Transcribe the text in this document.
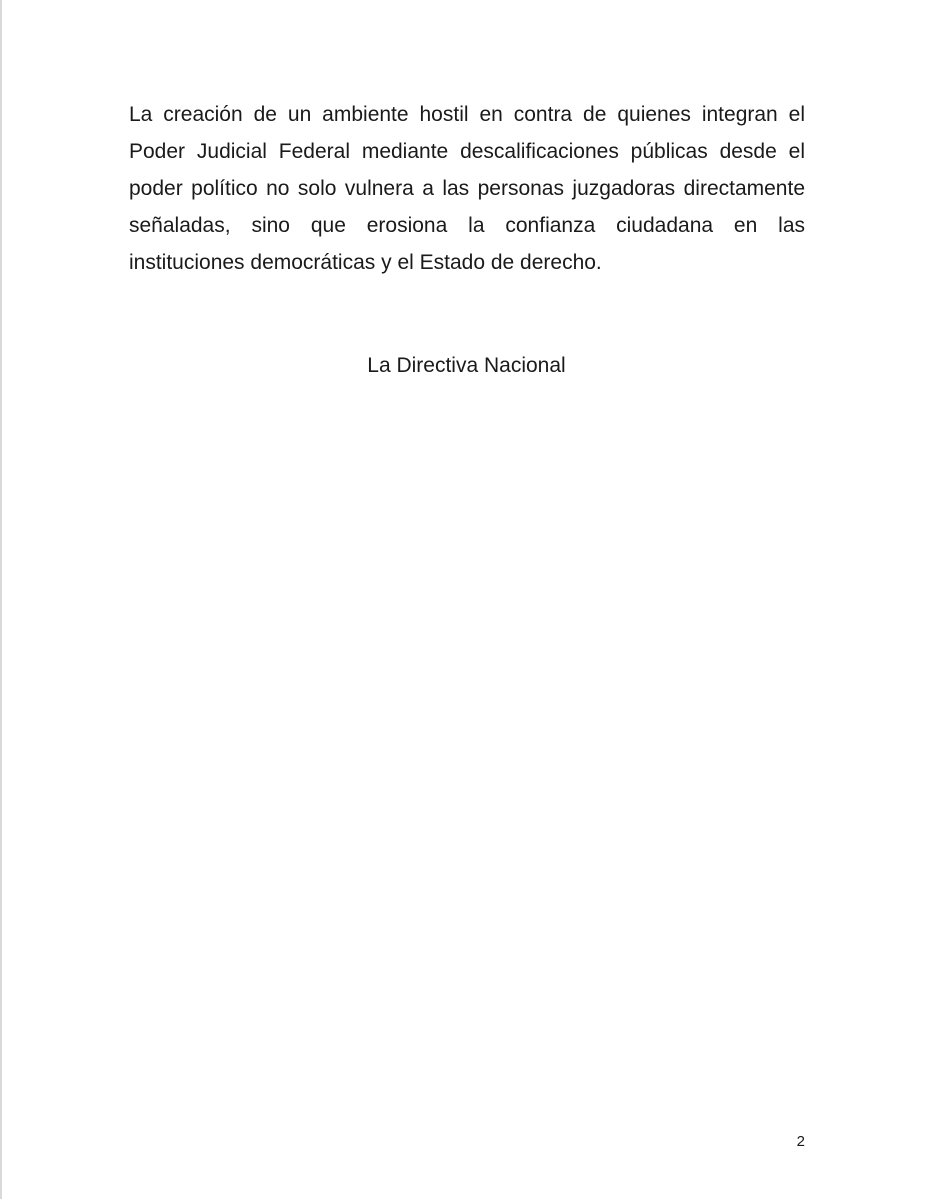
La creación de un ambiente hostil en contra de quienes integran el
Poder Judicial Federal mediante descalificaciones públicas desde el
poder político no solo vulnera a las personas juzgadoras directamente
señaladas, sino que erosiona la confianza ciudadana en las
instituciones democráticas y el Estado de derecho.

La Directiva Nacional

2
